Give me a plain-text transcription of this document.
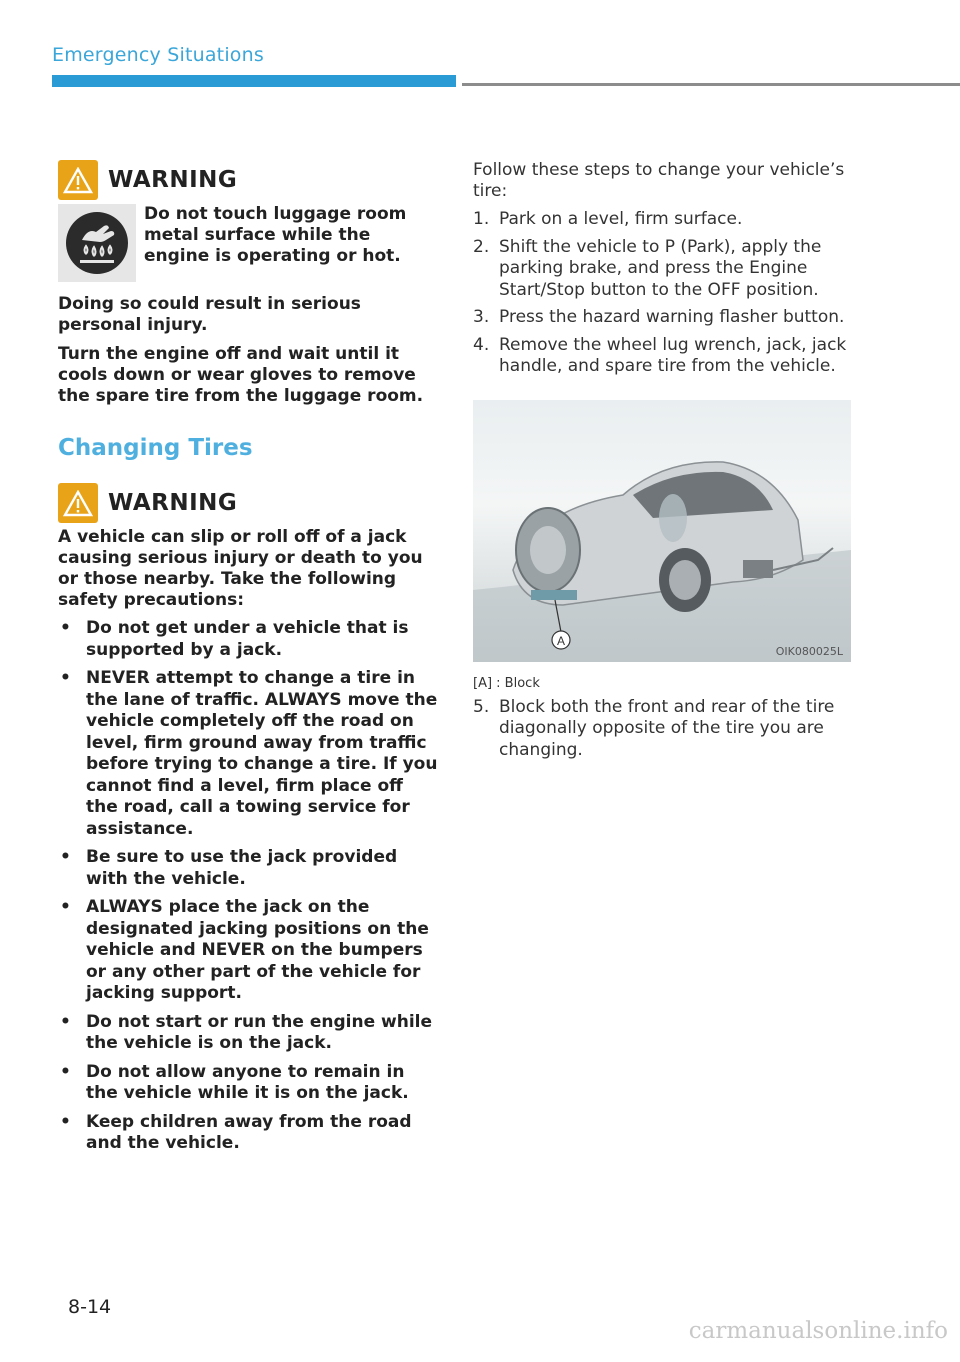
Emergency Situations
WARNING
Do not touch luggage room metal surface while the engine is operating or hot.

Doing so could result in serious personal injury.

Turn the engine off and wait until it cools down or wear gloves to remove the spare tire from the luggage room.

Changing Tires
WARNING

A vehicle can slip or roll off of a jack causing serious injury or death to you or those nearby. Take the following safety precautions:

• Do not get under a vehicle that is supported by a jack.
• NEVER attempt to change a tire in the lane of traffic. ALWAYS move the vehicle completely off the road on level, firm ground away from traffic before trying to change a tire. If you cannot find a level, firm place off the road, call a towing service for assistance.
• Be sure to use the jack provided with the vehicle.
• ALWAYS place the jack on the designated jacking positions on the vehicle and NEVER on the bumpers or any other part of the vehicle for jacking support.
• Do not start or run the engine while the vehicle is on the jack.
• Do not allow anyone to remain in the vehicle while it is on the jack.
• Keep children away from the road and the vehicle.

Follow these steps to change your vehicle’s tire:

1. Park on a level, firm surface.
2. Shift the vehicle to P (Park), apply the parking brake, and press the Engine Start/Stop button to the OFF position.
3. Press the hazard warning flasher button.
4. Remove the wheel lug wrench, jack, jack handle, and spare tire from the vehicle.
A
OIK080025L
[A] : Block
5. Block both the front and rear of the tire diagonally opposite of the tire you are changing.
8-14
carmanualsonline.info
